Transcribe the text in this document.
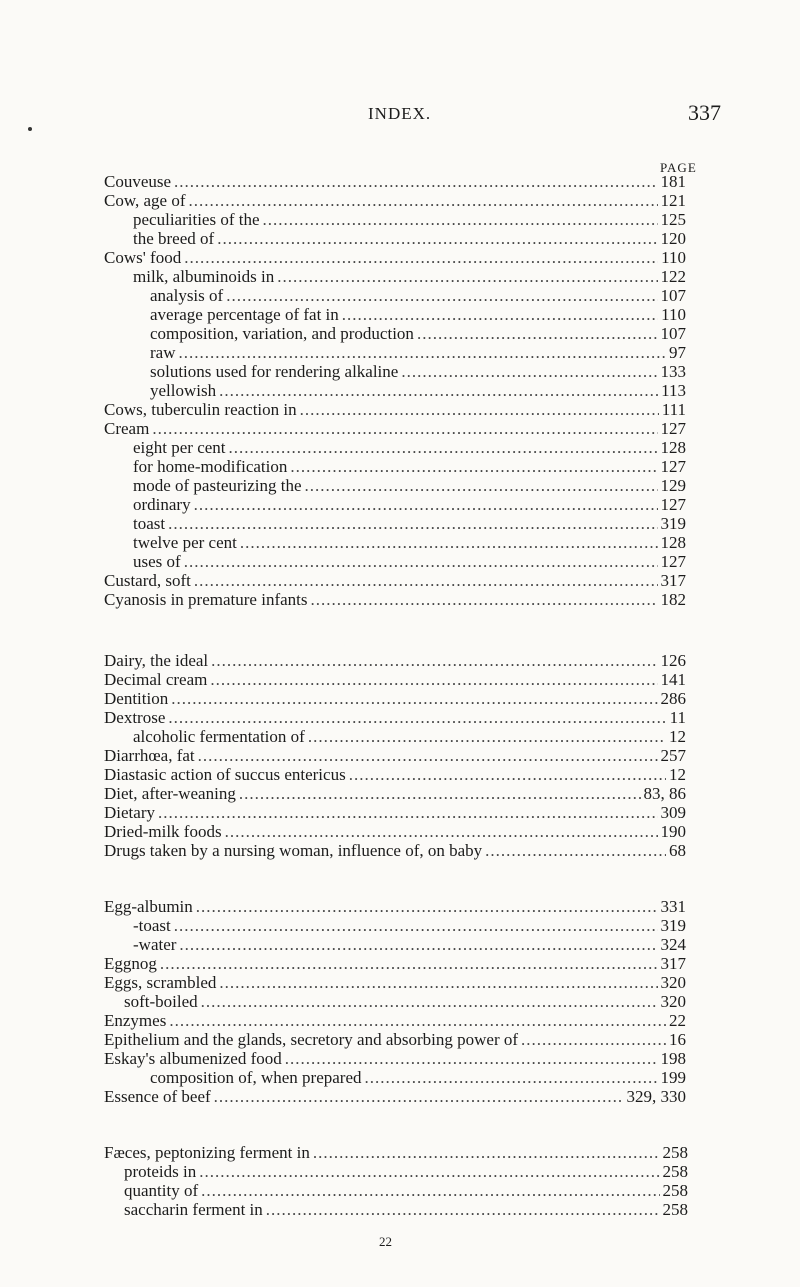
INDEX.	337
PAGE
Couveuse .....	181
Cow, age of .....	121
peculiarities of the .....	125
the breed of .....	120
Cows' food .....	110
milk, albuminoids in .....	122
analysis of .....	107
average percentage of fat in .....	110
composition, variation, and production .....	107
raw .....	97
solutions used for rendering alkaline .....	133
yellowish .....	113
Cows, tuberculin reaction in .....	111
Cream .....	127
eight per cent .....	128
for home-modification .....	127
mode of pasteurizing the .....	129
ordinary .....	127
toast .....	319
twelve per cent .....	128
uses of .....	127
Custard, soft .....	317
Cyanosis in premature infants .....	182
Dairy, the ideal .....	126
Decimal cream .....	141
Dentition .....	286
Dextrose .....	11
alcoholic fermentation of .....	12
Diarrhœa, fat .....	257
Diastasic action of succus entericus .....	12
Diet, after-weaning .....	83, 86
Dietary .....	309
Dried-milk foods .....	190
Drugs taken by a nursing woman, influence of, on baby .....	68
Egg-albumin .....	331
-toast .....	319
-water .....	324
Eggnog .....	317
Eggs, scrambled .....	320
soft-boiled .....	320
Enzymes .....	22
Epithelium and the glands, secretory and absorbing power of .....	16
Eskay's albumenized food .....	198
composition of, when prepared .....	199
Essence of beef .....	329, 330
Fæces, peptonizing ferment in .....	258
proteids in .....	258
quantity of .....	258
saccharin ferment in .....	258
22
